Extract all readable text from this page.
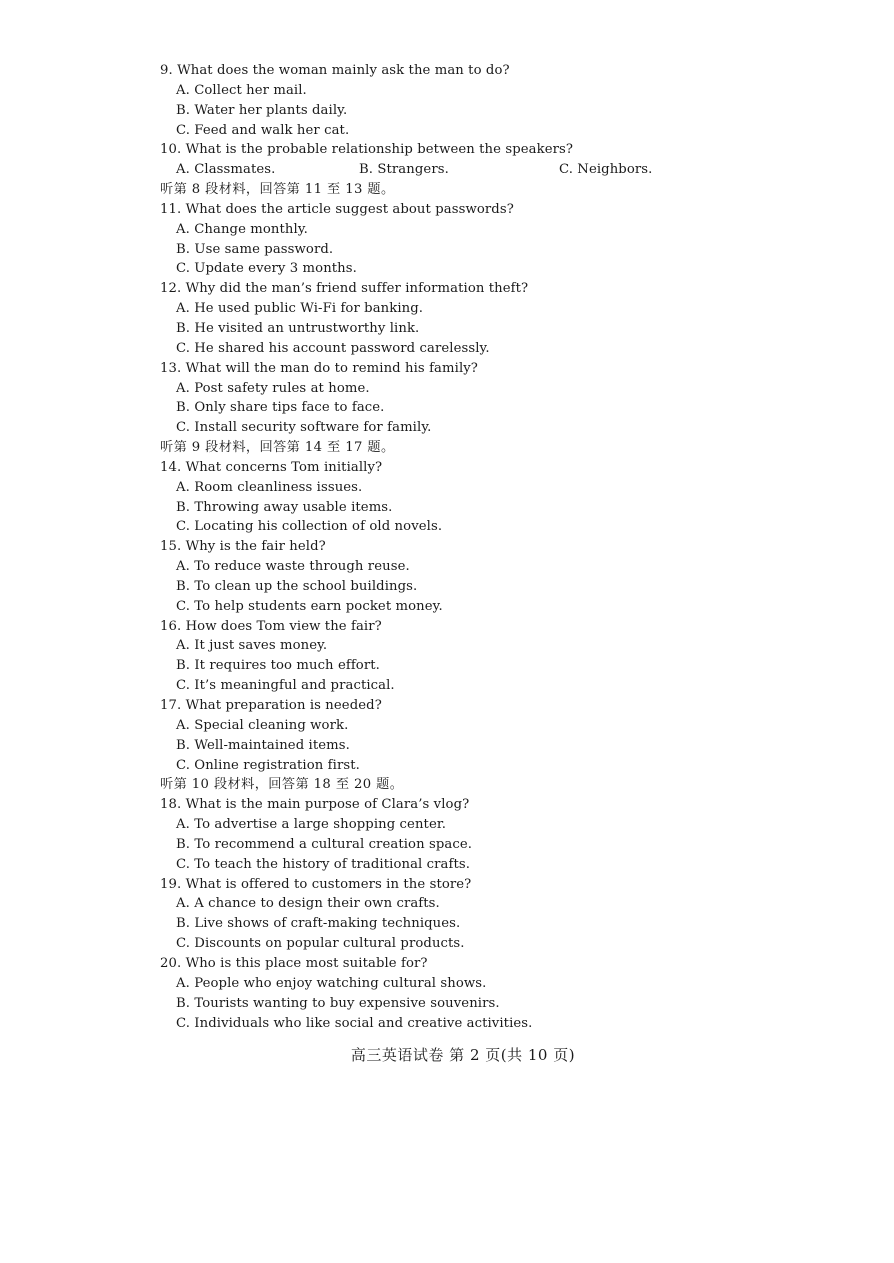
9. What does the woman mainly ask the man to do?
A. Collect her mail.
B. Water her plants daily.
C. Feed and walk her cat.
10. What is the probable relationship between the speakers?
A. Classmates.	B. Strangers.	C. Neighbors.
听第 8 段材料，回答第 11 至 13 题。
11. What does the article suggest about passwords?
A. Change monthly.
B. Use same password.
C. Update every 3 months.
12. Why did the man’s friend suffer information theft?
A. He used public Wi-Fi for banking.
B. He visited an untrustworthy link.
C. He shared his account password carelessly.
13. What will the man do to remind his family?
A. Post safety rules at home.
B. Only share tips face to face.
C. Install security software for family.
听第 9 段材料，回答第 14 至 17 题。
14. What concerns Tom initially?
A. Room cleanliness issues.
B. Throwing away usable items.
C. Locating his collection of old novels.
15. Why is the fair held?
A. To reduce waste through reuse.
B. To clean up the school buildings.
C. To help students earn pocket money.
16. How does Tom view the fair?
A. It just saves money.
B. It requires too much effort.
C. It’s meaningful and practical.
17. What preparation is needed?
A. Special cleaning work.
B. Well-maintained items.
C. Online registration first.
听第 10 段材料，回答第 18 至 20 题。
18. What is the main purpose of Clara’s vlog?
A. To advertise a large shopping center.
B. To recommend a cultural creation space.
C. To teach the history of traditional crafts.
19. What is offered to customers in the store?
A. A chance to design their own crafts.
B. Live shows of craft-making techniques.
C. Discounts on popular cultural products.
20. Who is this place most suitable for?
A. People who enjoy watching cultural shows.
B. Tourists wanting to buy expensive souvenirs.
C. Individuals who like social and creative activities.
高三英语试卷 第 2 页(共 10 页)
